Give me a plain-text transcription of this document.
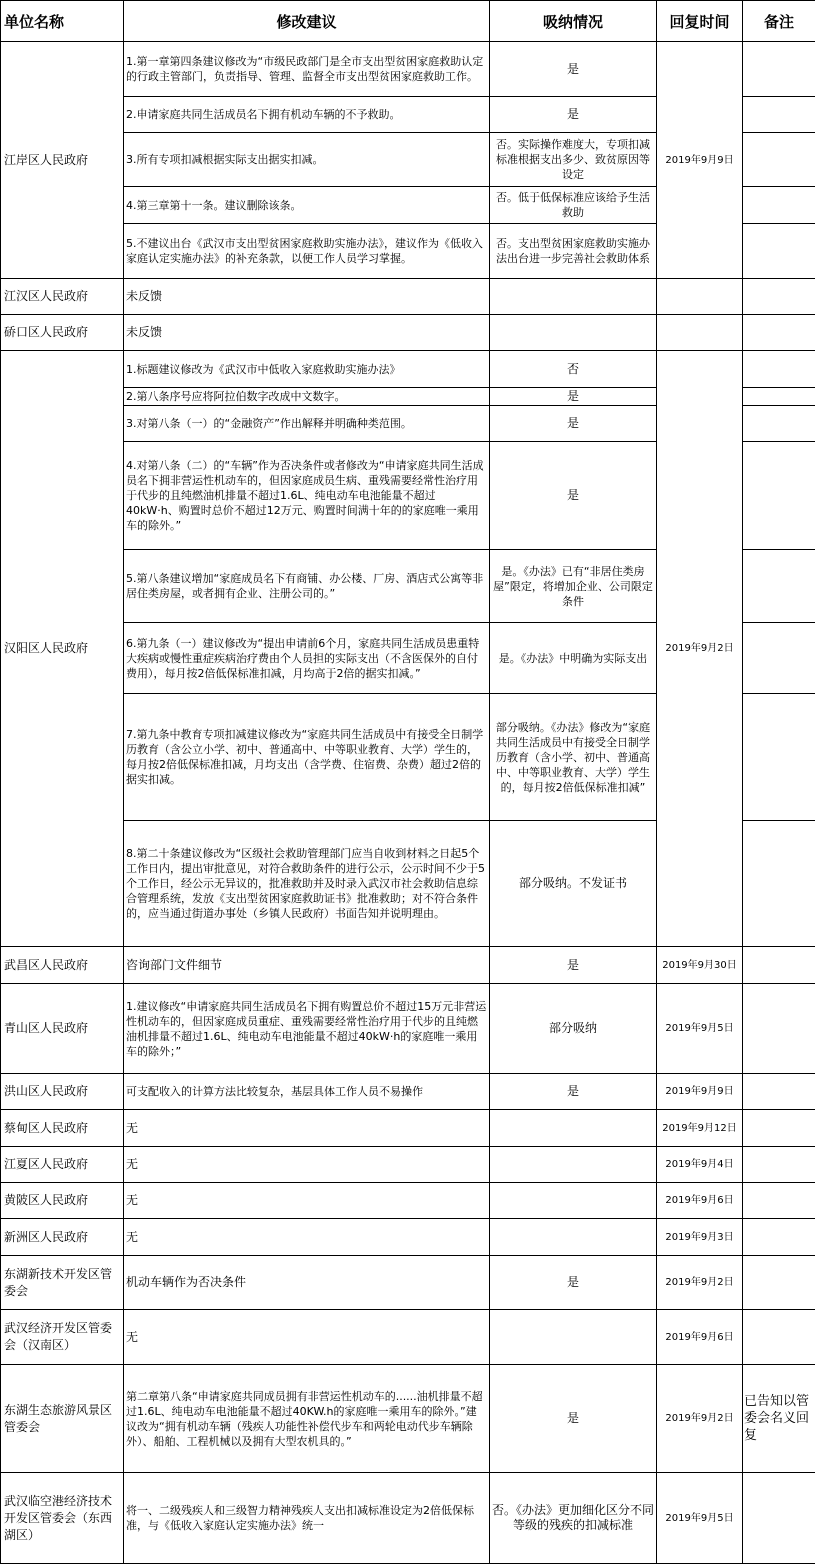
单位名称	修改建议	吸纳情况	回复时间	备注
江岸区人民政府	1.第一章第四条建议修改为“市级民政部门是全市支出型贫困家庭救助认定的行政主管部门，负责指导、管理、监督全市支出型贫困家庭救助工作。	是	2019年9月9日	
	2.申请家庭共同生活成员名下拥有机动车辆的不予救助。	是		
	3.所有专项扣减根据实际支出据实扣减。	否。实际操作难度大，专项扣减标准根据支出多少、致贫原因等设定		
	4.第三章第十一条。建议删除该条。	否。低于低保标准应该给予生活救助		
	5.不建议出台《武汉市支出型贫困家庭救助实施办法》，建议作为《低收入家庭认定实施办法》的补充条款，以便工作人员学习掌握。	否。支出型贫困家庭救助实施办法出台进一步完善社会救助体系		
江汉区人民政府	未反馈			
硚口区人民政府	未反馈			
汉阳区人民政府	1.标题建议修改为《武汉市中低收入家庭救助实施办法》	否	2019年9月2日	
	2.第八条序号应将阿拉伯数字改成中文数字。	是		
	3.对第八条（一）的“金融资产”作出解释并明确种类范围。	是		
	4.对第八条（二）的“车辆”作为否决条件或者修改为“申请家庭共同生活成员名下拥非营运性机动车的，但因家庭成员生病、重残需要经常性治疗用于代步的且纯燃油机排量不超过1.6L、纯电动车电池能量不超过40kW·h、购置时总价不超过12万元、购置时间满十年的的家庭唯一乘用车的除外。”	是		
	5.第八条建议增加“家庭成员名下有商铺、办公楼、厂房、酒店式公寓等非居住类房屋，或者拥有企业、注册公司的。”	是。《办法》已有“非居住类房屋”限定，将增加企业、公司限定条件		
	6.第九条（一）建议修改为“提出申请前6个月，家庭共同生活成员患重特大疾病或慢性重症疾病治疗费由个人员担的实际支出（不含医保外的自付费用），每月按2倍低保标准扣减，月均高于2倍的据实扣减。”	是。《办法》中明确为实际支出		
	7.第九条中教育专项扣减建议修改为“家庭共同生活成员中有接受全日制学历教育（含公立小学、初中、普通高中、中等职业教育、大学）学生的，每月按2倍低保标准扣减，月均支出（含学费、住宿费、杂费）超过2倍的据实扣减。	部分吸纳。《办法》修改为“家庭共同生活成员中有接受全日制学历教育（含小学、初中、普通高中、中等职业教育、大学）学生的，每月按2倍低保标准扣减”		
	8.第二十条建议修改为“区级社会救助管理部门应当自收到材料之日起5个工作日内，提出审批意见，对符合救助条件的进行公示，公示时间不少于5个工作日，经公示无异议的，批准救助并及时录入武汉市社会救助信息综合管理系统，发放《支出型贫困家庭救助证书》批准救助；对不符合条件的，应当通过街道办事处（乡镇人民政府）书面告知并说明理由。	部分吸纳。不发证书		
武昌区人民政府	咨询部门文件细节	是	2019年9月30日	
青山区人民政府	1.建议修改“申请家庭共同生活成员名下拥有购置总价不超过15万元非营运性机动车的，但因家庭成员重症、重残需要经常性治疗用于代步的且纯燃油机排量不超过1.6L、纯电动车电池能量不超过40kW·h的家庭唯一乘用车的除外；”	部分吸纳	2019年9月5日	
洪山区人民政府	可支配收入的计算方法比较复杂，基层具体工作人员不易操作	是	2019年9月9日	
蔡甸区人民政府	无		2019年9月12日	
江夏区人民政府	无		2019年9月4日	
黄陂区人民政府	无		2019年9月6日	
新洲区人民政府	无		2019年9月3日	
东湖新技术开发区管委会	机动车辆作为否决条件	是	2019年9月2日	
武汉经济开发区管委会（汉南区）	无		2019年9月6日	
东湖生态旅游风景区管委会	第二章第八条“申请家庭共同成员拥有非营运性机动车的......油机排量不超过1.6L、纯电动车电池能量不超过40KW.h的家庭唯一乘用车的除外。”建议改为“拥有机动车辆（残疾人功能性补偿代步车和两轮电动代步车辆除外）、船舶、工程机械以及拥有大型农机具的。”	是	2019年9月2日	已告知以管委会名义回复
武汉临空港经济技术开发区管委会（东西湖区）	将一、二级残疾人和三级智力精神残疾人支出扣减标准设定为2倍低保标准，与《低收入家庭认定实施办法》统一	否。《办法》更加细化区分不同等级的残疾的扣减标准	2019年9月5日	
